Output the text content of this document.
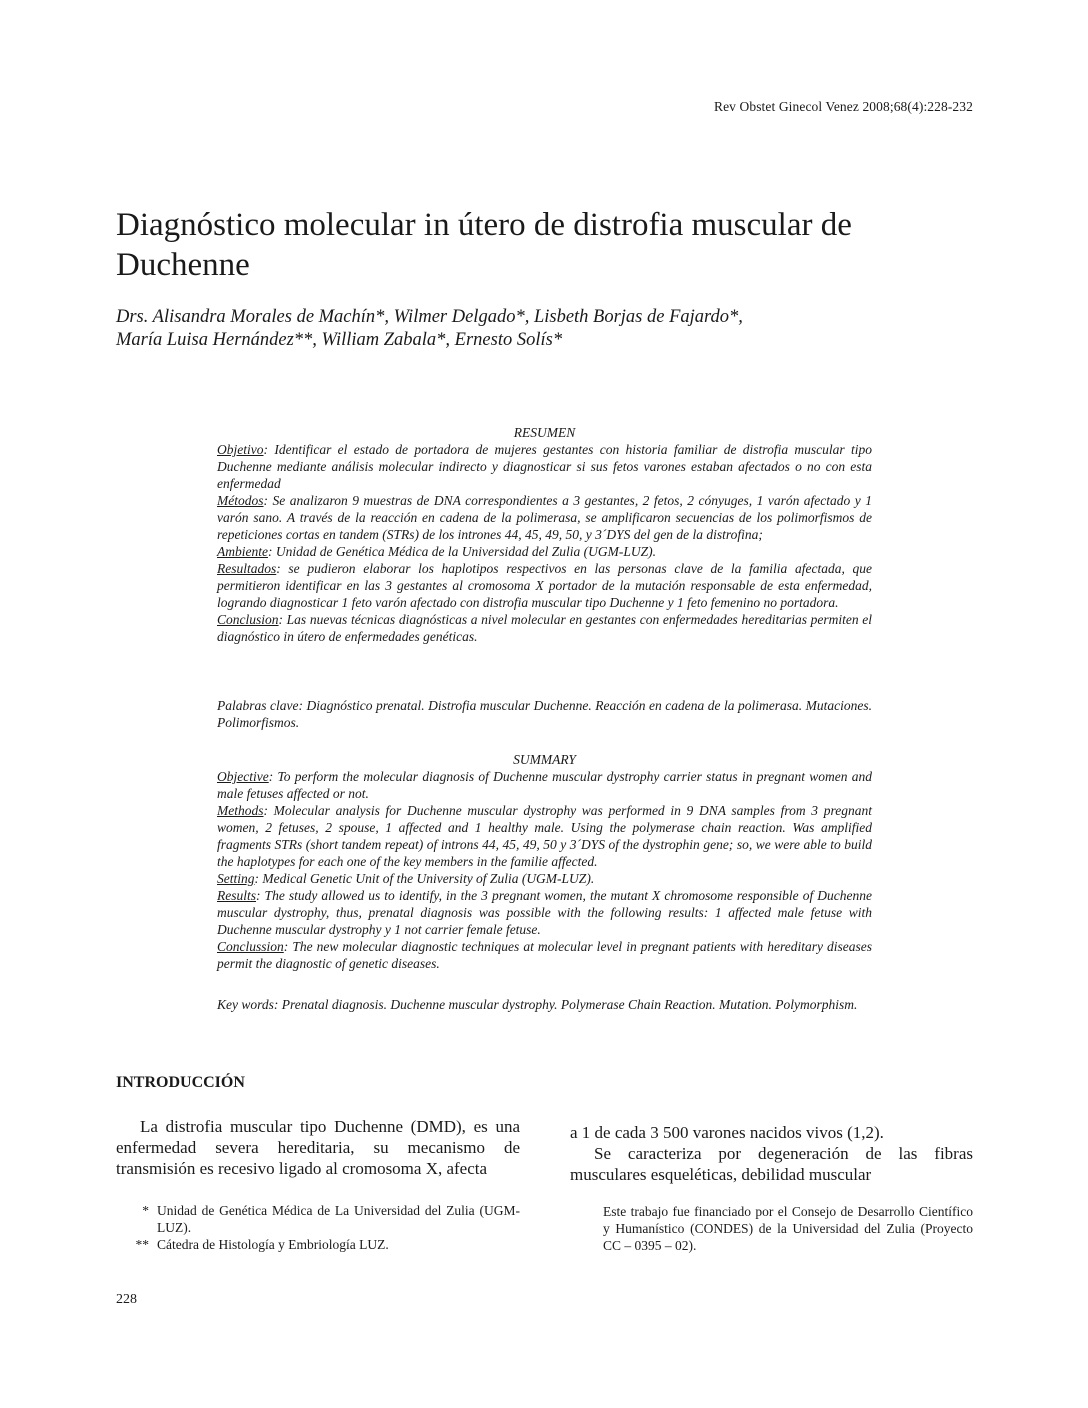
Rev Obstet Ginecol Venez 2008;68(4):228-232
Diagnóstico molecular in útero de distrofia muscular de Duchenne
Drs. Alisandra Morales de Machín*, Wilmer Delgado*, Lisbeth Borjas de Fajardo*,
María Luisa Hernández**, William Zabala*, Ernesto Solís*
RESUMEN

Objetivo: Identificar el estado de portadora de mujeres gestantes con historia familiar de distrofia muscular tipo Duchenne mediante análisis molecular indirecto y diagnosticar si sus fetos varones estaban afectados o no con esta enfermedad

Métodos: Se analizaron 9 muestras de DNA correspondientes a 3 gestantes, 2 fetos, 2 cónyuges, 1 varón afectado y 1 varón sano. A través de la reacción en cadena de la polimerasa, se amplificaron secuencias de los polimorfismos de repeticiones cortas en tandem (STRs) de los intrones 44, 45, 49, 50, y 3´DYS del gen de la distrofina;

Ambiente: Unidad de Genética Médica de la Universidad del Zulia (UGM-LUZ).

Resultados: se pudieron elaborar los haplotipos respectivos en las personas clave de la familia afectada, que permitieron identificar en las 3 gestantes al cromosoma X portador de la mutación responsable de esta enfermedad, logrando diagnosticar 1 feto varón afectado con distrofia muscular tipo Duchenne y 1 feto femenino no portadora.

Conclusion: Las nuevas técnicas diagnósticas a nivel molecular en gestantes con enfermedades hereditarias permiten el diagnóstico in útero de enfermedades genéticas.

Palabras clave: Diagnóstico prenatal. Distrofia muscular Duchenne. Reacción en cadena de la polimerasa. Mutaciones. Polimorfismos.
SUMMARY

Objective: To perform the molecular diagnosis of Duchenne muscular dystrophy carrier status in pregnant women and male fetuses affected or not.

Methods: Molecular analysis for Duchenne muscular dystrophy was performed in 9 DNA samples from 3 pregnant women, 2 fetuses, 2 spouse, 1 affected and 1 healthy male. Using the polymerase chain reaction. Was amplified fragments STRs (short tandem repeat) of introns 44, 45, 49, 50 y 3´DYS of the dystrophin gene; so, we were able to build the haplotypes for each one of the key members in the familie affected.

Setting: Medical Genetic Unit of the University of Zulia (UGM-LUZ).

Results: The study allowed us to identify, in the 3 pregnant women, the mutant X chromosome responsible of Duchenne muscular dystrophy, thus, prenatal diagnosis was possible with the following results: 1 affected male fetuse with Duchenne muscular dystrophy y 1 not carrier female fetuse.

Conclussion: The new molecular diagnostic techniques at molecular level in pregnant patients with hereditary diseases permit the diagnostic of genetic diseases.

Key words: Prenatal diagnosis. Duchenne muscular dystrophy. Polymerase Chain Reaction. Mutation. Polymorphism.
INTRODUCCIÓN

La distrofia muscular tipo Duchenne (DMD), es una enfermedad severa hereditaria, su mecanismo de transmisión es recesivo ligado al cromosoma X, afecta

a 1 de cada 3 500 varones nacidos vivos (1,2).

Se caracteriza por degeneración de las fibras musculares esqueléticas, debilidad muscular

* Unidad de Genética Médica de La Universidad del Zulia (UGM-LUZ).
** Cátedra de Histología y Embriología LUZ.
Este trabajo fue financiado por el Consejo de Desarrollo Científico y Humanístico (CONDES) de la Universidad del Zulia (Proyecto CC – 0395 – 02).
228
